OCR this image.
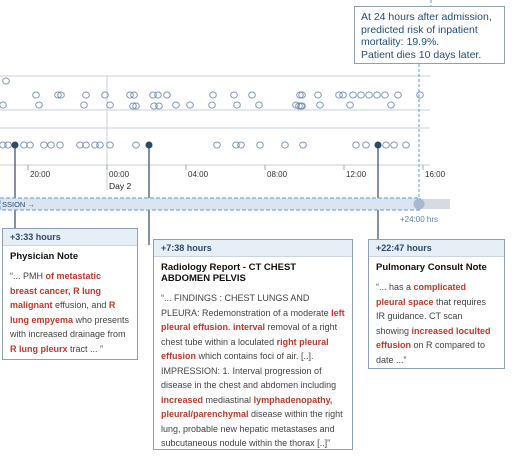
20:00	00:00	04:00	08:00	12:00	16:00
Day 2
SSION →
+24:00 hrs
At 24 hours after admission,
predicted risk of inpatient
mortality: 19.9%.
Patient dies 10 days later.
+3:33 hours
Physician Note
“... PMH of metastatic breast cancer, R lung malignant effusion, and R lung empyema who presents with increased drainage from R lung pleurx tract ... ”
+7:38 hours
Radiology Report - CT CHEST ABDOMEN PELVIS
“... FINDINGS : CHEST LUNGS AND PLEURA: Redemonstration of a moderate left pleural effusion. interval removal of a right chest tube within a loculated right pleural effusion which contains foci of air. [..]. IMPRESSION: 1. Interval progression of disease in the chest and abdomen including increased mediastinal lymphadenopathy, pleural/parenchymal disease within the right lung, probable new hepatic metastases and subcutaneous nodule within the thorax [..]”
+22:47 hours
Pulmonary Consult Note
“... has a complicated pleural space that requires IR guidance. CT scan showing increased loculted effusion on R compared to date ...”
